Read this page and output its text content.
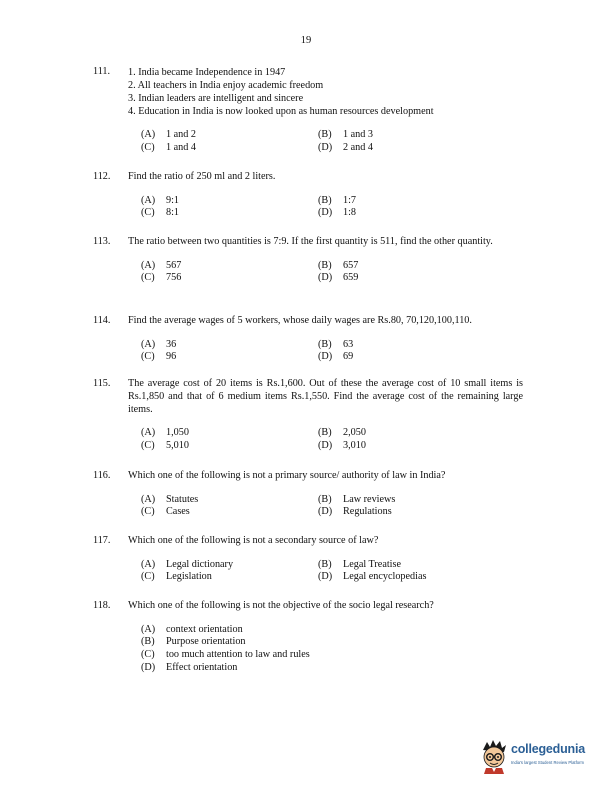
19
111.	1. India became Independence in 1947
2. All teachers in India enjoy academic freedom
3. Indian leaders are intelligent and sincere
4. Education in India is now looked upon as human resources development
(A) 1 and 2	(B) 1 and 3
(C) 1 and 4	(D) 2 and 4
112.	Find the ratio of 250 ml and 2 liters.
(A) 9:1	(B) 1:7
(C) 8:1	(D) 1:8
113.	The ratio between two quantities is 7:9. If the first quantity is 511, find the other quantity.
(A) 567	(B) 657
(C) 756	(D) 659
114.	Find the average wages of 5 workers, whose daily wages are Rs.80, 70,120,100,110.
(A) 36	(B) 63
(C) 96	(D) 69
115.	The average cost of 20 items is Rs.1,600. Out of these the average cost of 10 small items is Rs.1,850 and that of 6 medium items Rs.1,550. Find the average cost of the remaining large items.
(A) 1,050	(B) 2,050
(C) 5,010	(D) 3,010
116.	Which one of the following is not a primary source/ authority of law in India?
(A) Statutes	(B) Law reviews
(C) Cases	(D) Regulations
117.	Which one of the following is not a secondary source of law?
(A) Legal dictionary	(B) Legal Treatise
(C) Legislation	(D) Legal encyclopedias
118.	Which one of the following is not the objective of the socio legal research?
(A) context orientation
(B) Purpose orientation
(C) too much attention to law and rules
(D) Effect orientation
collegedunia
India's largest Student Review Platform
